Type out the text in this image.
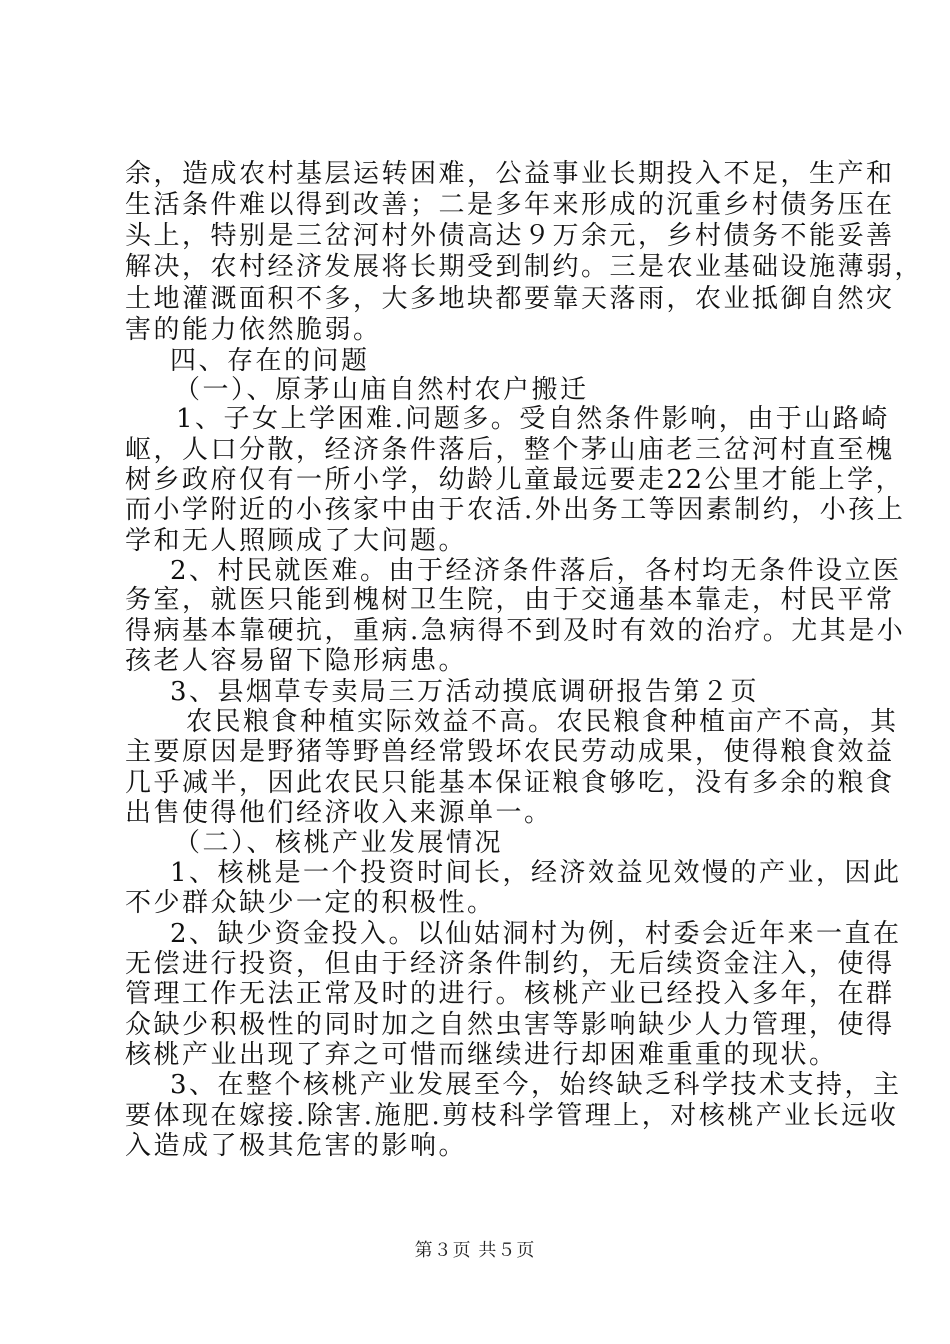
余，造成农村基层运转困难，公益事业长期投入不足，生产和
生活条件难以得到改善；二是多年来形成的沉重乡村债务压在
头上，特别是三岔河村外债高达９万余元，乡村债务不能妥善
解决，农村经济发展将长期受到制约。三是农业基础设施薄弱，
土地灌溉面积不多，大多地块都要靠天落雨，农业抵御自然灾
害的能力依然脆弱。
四、存在的问题
（一）、原茅山庙自然村农户搬迁
1、子女上学困难.问题多。受自然条件影响，由于山路崎
岖，人口分散，经济条件落后，整个茅山庙老三岔河村直至槐
树乡政府仅有一所小学，幼龄儿童最远要走22公里才能上学，
而小学附近的小孩家中由于农活.外出务工等因素制约，小孩上
学和无人照顾成了大问题。
2、村民就医难。由于经济条件落后，各村均无条件设立医
务室，就医只能到槐树卫生院，由于交通基本靠走，村民平常
得病基本靠硬抗，重病.急病得不到及时有效的治疗。尤其是小
孩老人容易留下隐形病患。
3、县烟草专卖局三万活动摸底调研报告第２页
农民粮食种植实际效益不高。农民粮食种植亩产不高，其
主要原因是野猪等野兽经常毁坏农民劳动成果，使得粮食效益
几乎减半，因此农民只能基本保证粮食够吃，没有多余的粮食
出售使得他们经济收入来源单一。
（二）、核桃产业发展情况
1、核桃是一个投资时间长，经济效益见效慢的产业，因此
不少群众缺少一定的积极性。
2、缺少资金投入。以仙姑洞村为例，村委会近年来一直在
无偿进行投资，但由于经济条件制约，无后续资金注入，使得
管理工作无法正常及时的进行。核桃产业已经投入多年，在群
众缺少积极性的同时加之自然虫害等影响缺少人力管理，使得
核桃产业出现了弃之可惜而继续进行却困难重重的现状。
3、在整个核桃产业发展至今，始终缺乏科学技术支持，主
要体现在嫁接.除害.施肥.剪枝科学管理上，对核桃产业长远收
入造成了极其危害的影响。
第３页 共５页
